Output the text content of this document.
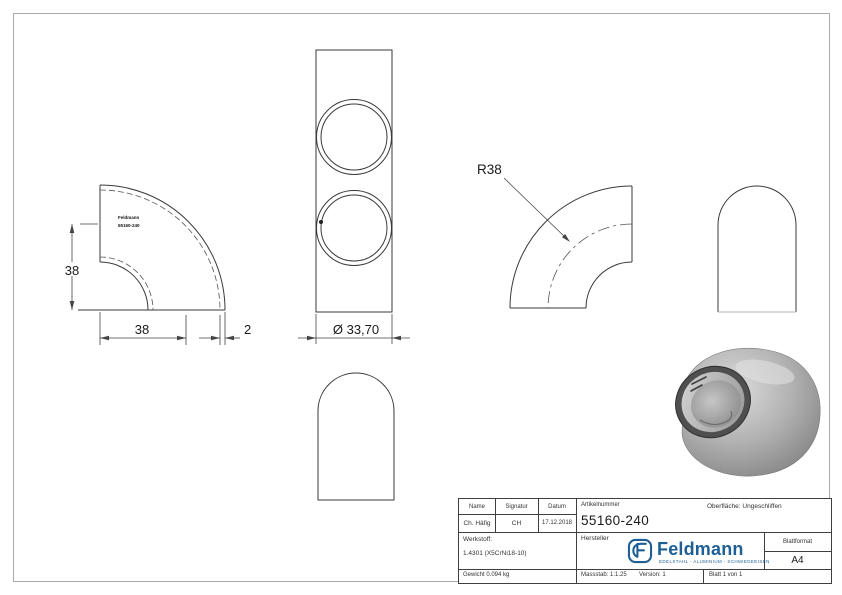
38
38	2
Feldmann
55160-240
Ø 33,70
R38
Name	Signatur	Datum
Ch. Häfig	CH	17.12.2018
Artikelnummer
55160-240
Oberfläche: Ungeschliffen
Werkstoff:
1.4301 (X5CrNi18-10)
Hersteller
Feldmann
EDELSTAHL - ALUMINIUM - SCHMIEDEEISEN
Blattformat
A4
Gewicht 0.094 kg	Massstab: 1:1.25 Version: 1	Blatt 1 von 1
